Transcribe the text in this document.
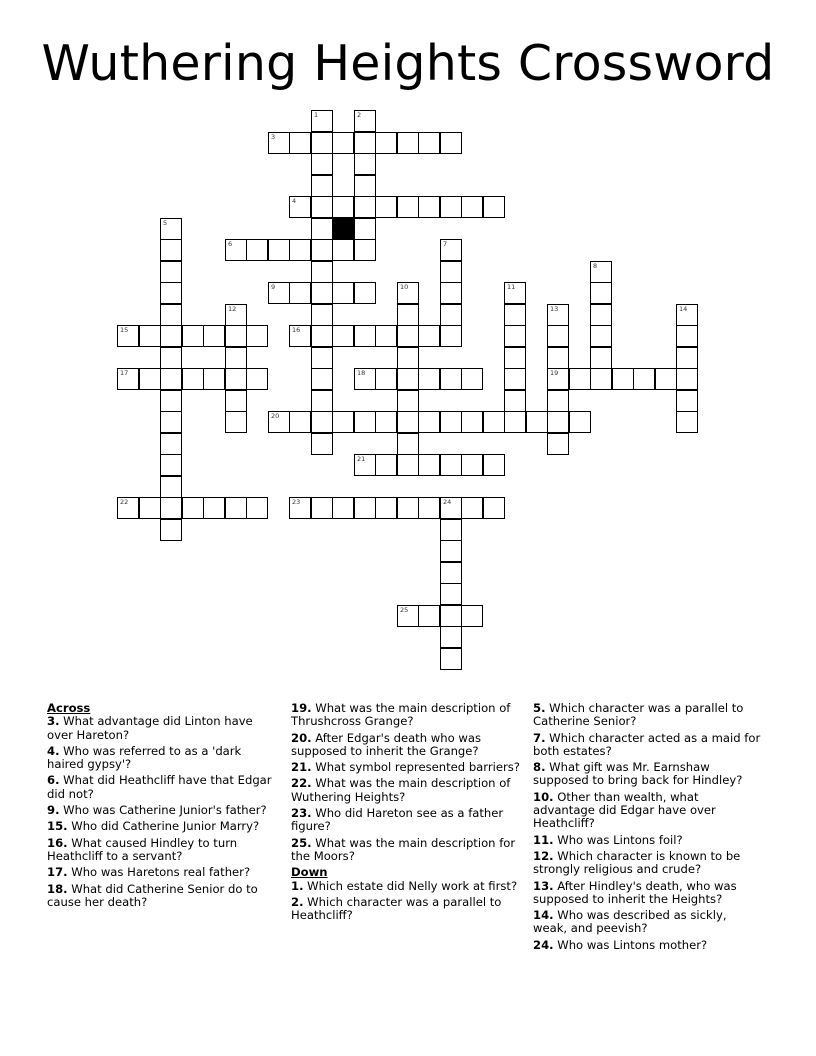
Wuthering Heights Crossword
3
4
6
9
15	16
17	18	19
20
21
22	23	24
25
1	2
5
7
8
10	11
12	13	14
Across
3. What advantage did Linton have over Hareton?
4. Who was referred to as a 'dark haired gypsy'?
6. What did Heathcliff have that Edgar did not?
9. Who was Catherine Junior's father?
15. Who did Catherine Junior Marry?
16. What caused Hindley to turn Heathcliff to a servant?
17. Who was Haretons real father?
18. What did Catherine Senior do to cause her death?
19. What was the main description of Thrushcross Grange?
20. After Edgar's death who was supposed to inherit the Grange?
21. What symbol represented barriers?
22. What was the main description of Wuthering Heights?
23. Who did Hareton see as a father figure?
25. What was the main description for the Moors?
Down
1. Which estate did Nelly work at first?
2. Which character was a parallel to Heathcliff?
5. Which character was a parallel to Catherine Senior?
7. Which character acted as a maid for both estates?
8. What gift was Mr. Earnshaw supposed to bring back for Hindley?
10. Other than wealth, what advantage did Edgar have over Heathcliff?
11. Who was Lintons foil?
12. Which character is known to be strongly religious and crude?
13. After Hindley's death, who was supposed to inherit the Heights?
14. Who was described as sickly, weak, and peevish?
24. Who was Lintons mother?
